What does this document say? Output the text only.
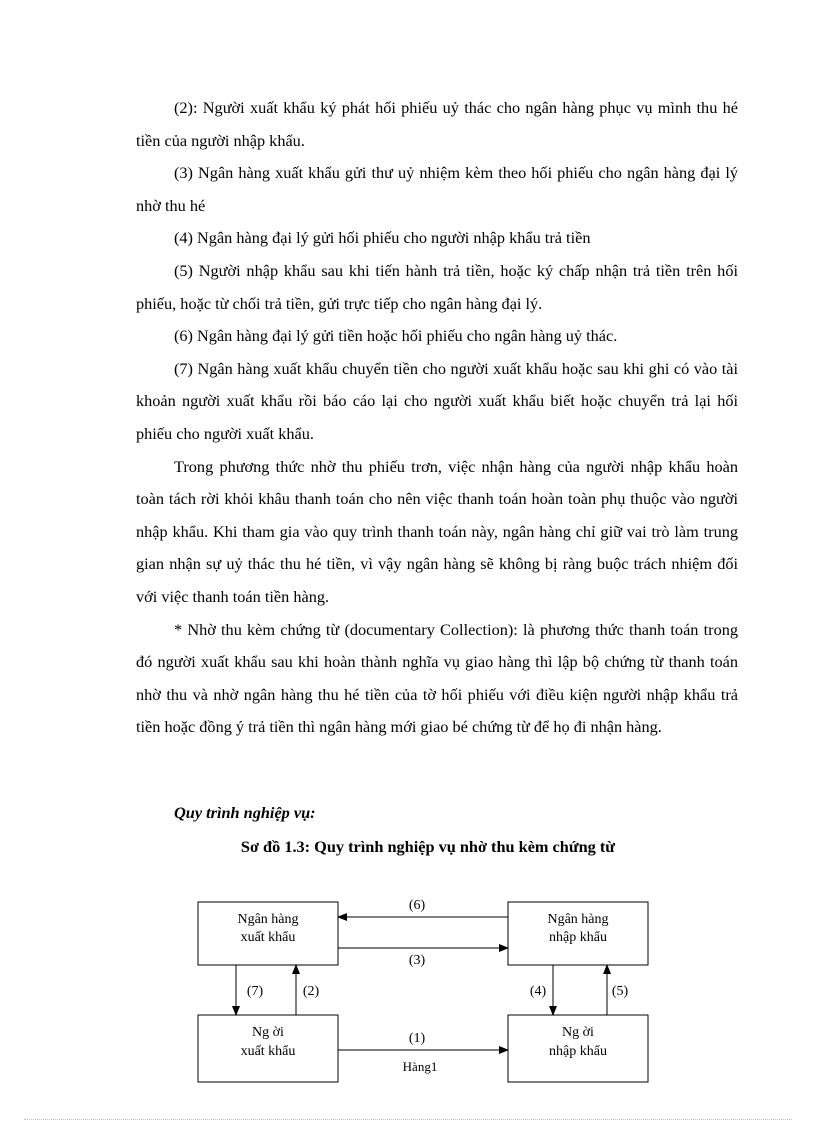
(2): Người xuất khẩu ký phát hối phiếu uỷ thác cho ngân hàng phục vụ mình thu hé tiền của người nhập khẩu.

(3) Ngân hàng xuất khẩu gửi thư uỷ nhiệm kèm theo hối phiếu cho ngân hàng đại lý nhờ thu hé

(4) Ngân hàng đại lý gửi hối phiếu cho người nhập khẩu trả tiền

(5) Người nhập khẩu sau khi tiến hành trả tiền, hoặc ký chấp nhận trả tiền trên hối phiếu, hoặc từ chối trả tiền, gửi trực tiếp cho ngân hàng đại lý.

(6) Ngân hàng đại lý gửi tiền hoặc hối phiếu cho ngân hàng uỷ thác.

(7) Ngân hàng xuất khẩu chuyển tiền cho người xuất khẩu hoặc sau khi ghi có vào tài khoản người xuất khẩu rồi báo cáo lại cho người xuất khẩu biết hoặc chuyển trả lại hối phiếu cho người xuất khẩu.

Trong phương thức nhờ thu phiếu trơn, việc nhận hàng của người nhập khẩu hoàn toàn tách rời khỏi khâu thanh toán cho nên việc thanh toán hoàn toàn phụ thuộc vào người nhập khẩu. Khi tham gia vào quy trình thanh toán này, ngân hàng chỉ giữ vai trò làm trung gian nhận sự uỷ thác thu hé tiền, vì vậy ngân hàng sẽ không bị ràng buộc trách nhiệm đối với việc thanh toán tiền hàng.

* Nhờ thu kèm chứng từ (documentary Collection): là phương thức thanh toán trong đó người xuất khẩu sau khi hoàn thành nghĩa vụ giao hàng thì lập bộ chứng từ thanh toán nhờ thu và nhờ ngân hàng thu hé tiền của tờ hối phiếu với điều kiện người nhập khẩu trả tiền hoặc đồng ý trả tiền thì ngân hàng mới giao bé chứng từ để họ đi nhận hàng.

Quy trình nghiệp vụ:
Sơ đồ 1.3: Quy trình nghiệp vụ nhờ thu kèm chứng từ
Ngân hàng
xuất khẩu
Ngân hàng
nhập khẩu
Ng ời
xuất khẩu
Ng ời
nhập khẩu
(6)
(3)
(7)	(2)	(4)	(5)
(1)
Hàng1
